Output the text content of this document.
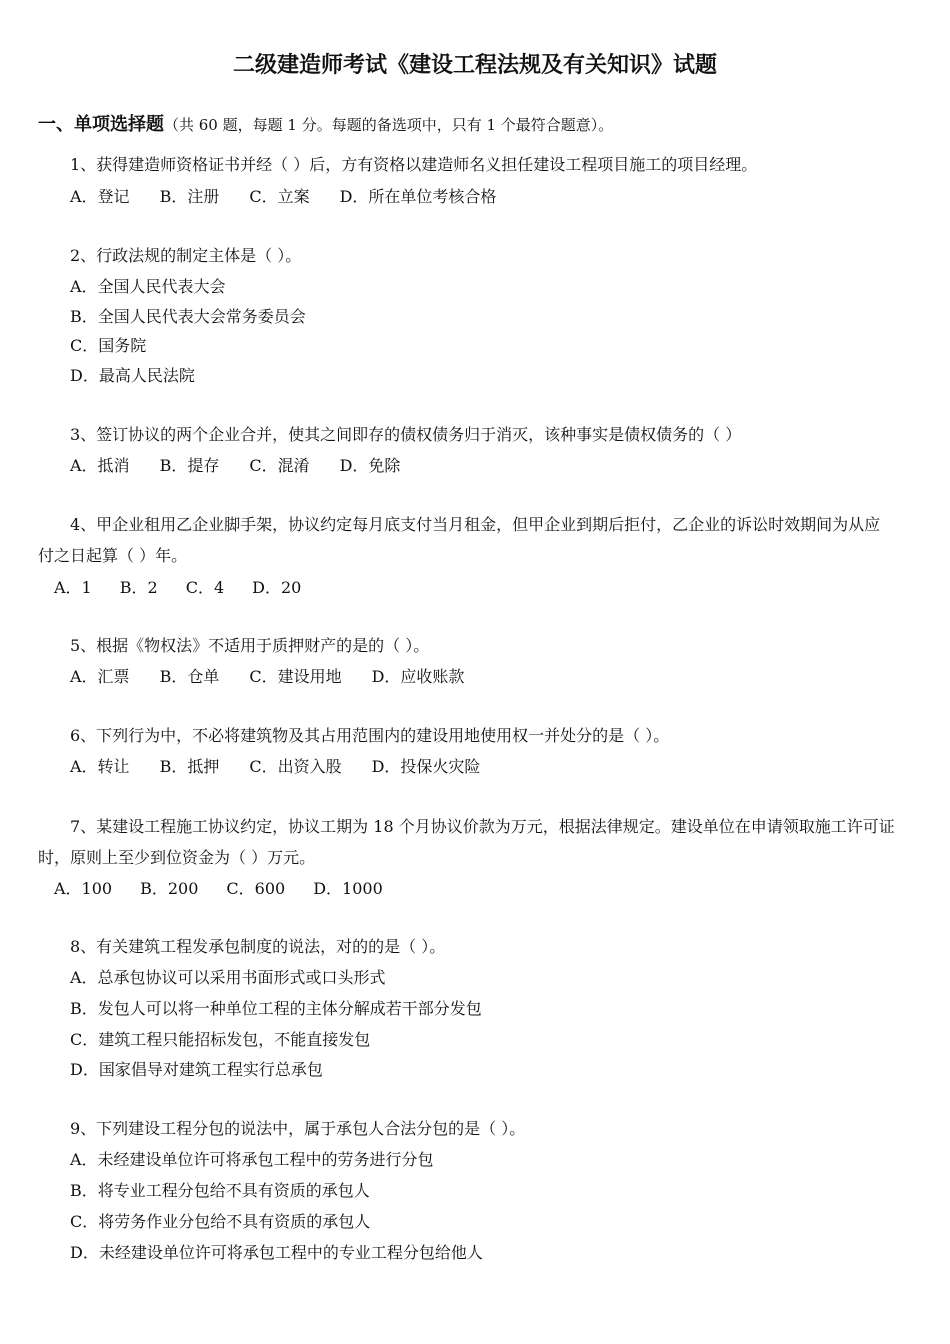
二级建造师考试《建设工程法规及有关知识》试题
一、单项选择题（共 60 题，每题 1 分。每题的备选项中，只有 1 个最符合题意）。
1、获得建造师资格证书并经（ ）后，方有资格以建造师名义担任建设工程项目施工的项目经理。
A．登记 B．注册 C．立案 D．所在单位考核合格
2、行政法规的制定主体是（ ）。
A．全国人民代表大会
B．全国人民代表大会常务委员会
C．国务院
D．最高人民法院
3、签订协议的两个企业合并，使其之间即存的债权债务归于消灭，该种事实是债权债务的（ ）
A．抵消 B．提存 C．混淆 D．免除
4、甲企业租用乙企业脚手架，协议约定每月底支付当月租金，但甲企业到期后拒付，乙企业的诉讼时效期间为从应
付之日起算（ ）年。
A．1 B．2 C．4 D．20
5、根据《物权法》不适用于质押财产的是的（ ）。
A．汇票 B．仓单 C．建设用地 D．应收账款
6、下列行为中，不必将建筑物及其占用范围内的建设用地使用权一并处分的是（ ）。
A．转让 B．抵押 C．出资入股 D．投保火灾险
7、某建设工程施工协议约定，协议工期为 18 个月协议价款为万元，根据法律规定。建设单位在申请领取施工许可证
时，原则上至少到位资金为（ ）万元。
A．100 B．200 C．600 D．1000
8、有关建筑工程发承包制度的说法，对的的是（ ）。
A．总承包协议可以采用书面形式或口头形式
B．发包人可以将一种单位工程的主体分解成若干部分发包
C．建筑工程只能招标发包，不能直接发包
D．国家倡导对建筑工程实行总承包
9、下列建设工程分包的说法中，属于承包人合法分包的是（ ）。
A．未经建设单位许可将承包工程中的劳务进行分包
B．将专业工程分包给不具有资质的承包人
C．将劳务作业分包给不具有资质的承包人
D．未经建设单位许可将承包工程中的专业工程分包给他人
